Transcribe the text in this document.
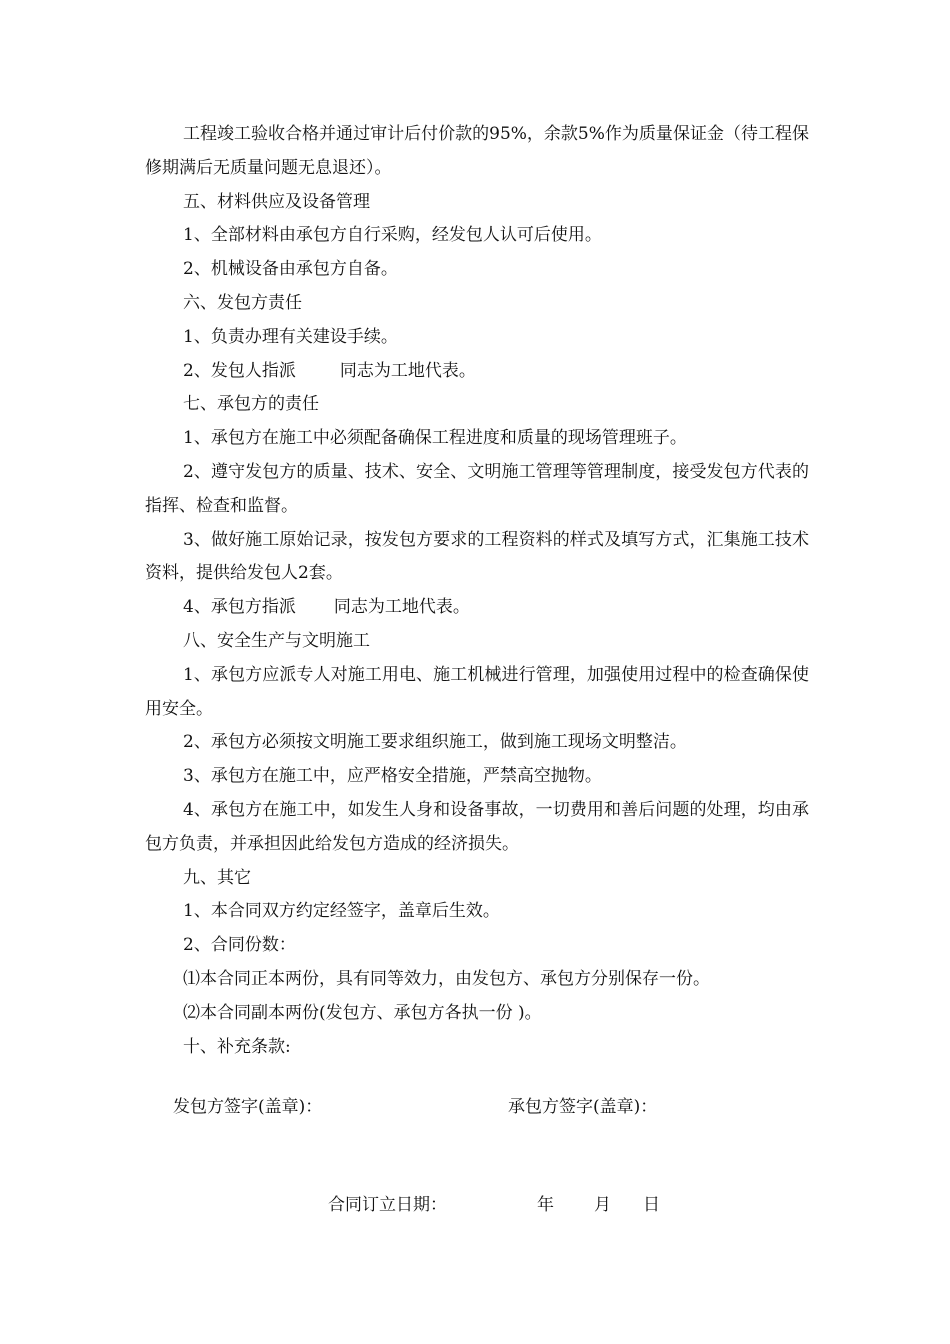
工程竣工验收合格并通过审计后付价款的95%，余款5%作为质量保证金（待工程保修期满后无质量问题无息退还）。

五、材料供应及设备管理

1、全部材料由承包方自行采购，经发包人认可后使用。

2、机械设备由承包方自备。

六、发包方责任

1、负责办理有关建设手续。

2、发包人指派	同志为工地代表。

七、承包方的责任

1、承包方在施工中必须配备确保工程进度和质量的现场管理班子。

2、遵守发包方的质量、技术、安全、文明施工管理等管理制度，接受发包方代表的指挥、检查和监督。

3、做好施工原始记录，按发包方要求的工程资料的样式及填写方式，汇集施工技术资料，提供给发包人2套。

4、承包方指派 同志为工地代表。

八、安全生产与文明施工

1、承包方应派专人对施工用电、施工机械进行管理，加强使用过程中的检查确保使用安全。

2、承包方必须按文明施工要求组织施工，做到施工现场文明整洁。

3、承包方在施工中，应严格安全措施，严禁高空抛物。

4、承包方在施工中，如发生人身和设备事故，一切费用和善后问题的处理，均由承包方负责，并承担因此给发包方造成的经济损失。

九、其它

1、本合同双方约定经签字，盖章后生效。

2、合同份数：

⑴本合同正本两份，具有同等效力，由发包方、承包方分别保存一份。

⑵本合同副本两份(发包方、承包方各执一份 )。

十、补充条款:

发包方签字(盖章)：	承包方签字(盖章)：
合同订立日期：	年 月 日
